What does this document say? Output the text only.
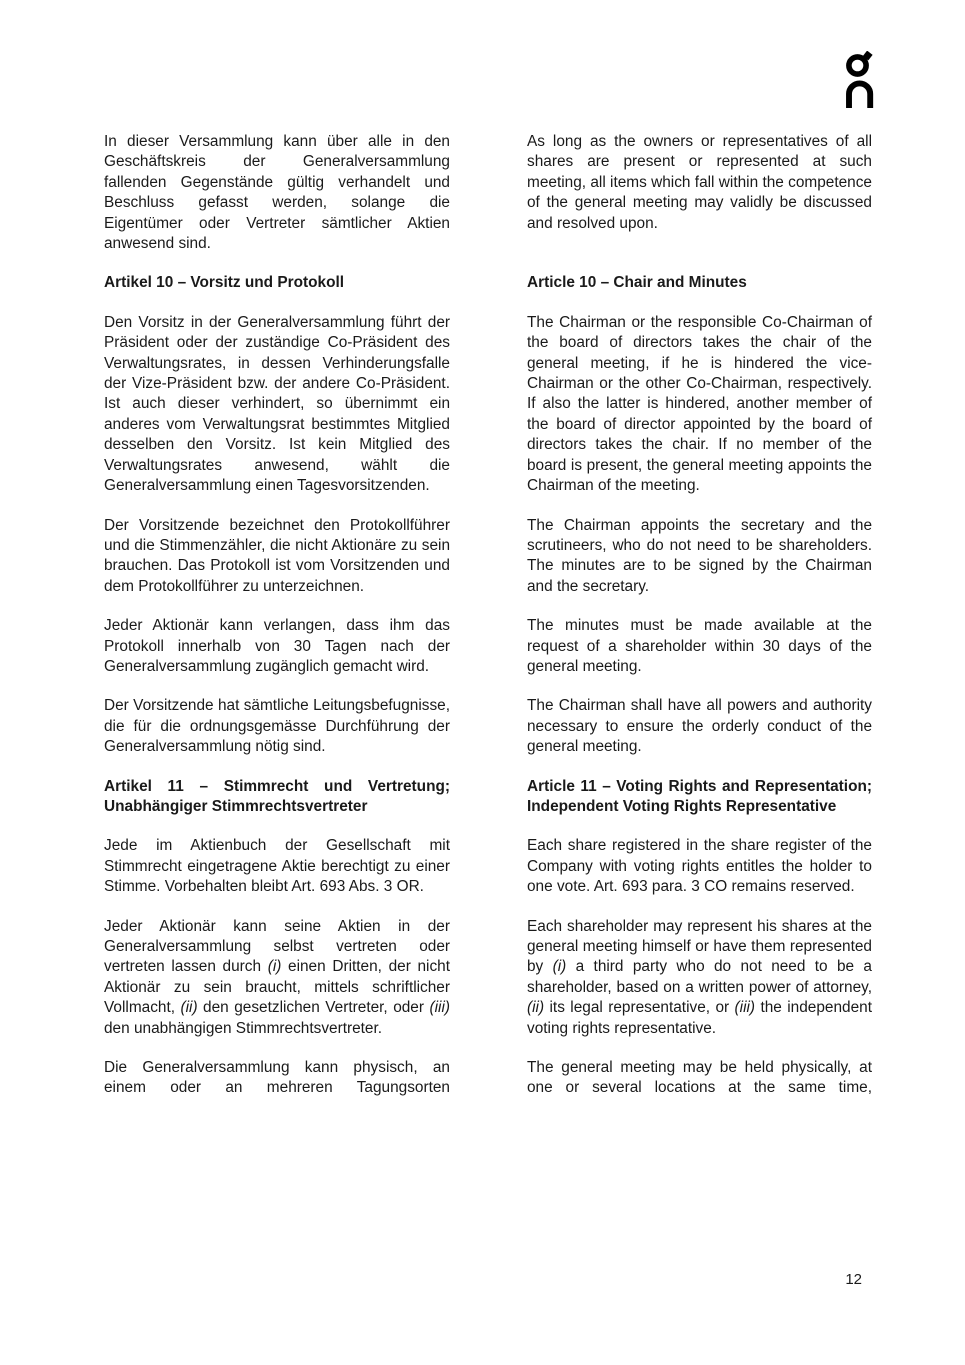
In dieser Versammlung kann über alle in den Geschäftskreis der Generalversammlung fallenden Gegenstände gültig verhandelt und Beschluss gefasst werden, solange die Eigentümer oder Vertreter sämtlicher Aktien anwesend sind.

As long as the owners or representatives of all shares are present or represented at such meeting, all items which fall within the competence of the general meeting may validly be discussed and resolved upon.

Artikel 10 – Vorsitz und Protokoll	Article 10 – Chair and Minutes

Den Vorsitz in der Generalversammlung führt der Präsident oder der zuständige Co-Präsident des Verwaltungsrates, in dessen Verhinderungsfalle der Vize-Präsident bzw. der andere Co-Präsident. Ist auch dieser verhindert, so übernimmt ein anderes vom Verwaltungsrat bestimmtes Mitglied desselben den Vorsitz. Ist kein Mitglied des Verwaltungsrates anwesend, wählt die Generalversammlung einen Tagesvorsitzenden.

The Chairman or the responsible Co-Chairman of the board of directors takes the chair of the general meeting, if he is hindered the vice-Chairman or the other Co-Chairman, respectively. If also the latter is hindered, another member of the board of director appointed by the board of directors takes the chair. If no member of the board is present, the general meeting appoints the Chairman of the meeting.

Der Vorsitzende bezeichnet den Protokollführer und die Stimmenzähler, die nicht Aktionäre zu sein brauchen. Das Protokoll ist vom Vorsitzenden und dem Protokollführer zu unterzeichnen.

The Chairman appoints the secretary and the scrutineers, who do not need to be shareholders. The minutes are to be signed by the Chairman and the secretary.

Jeder Aktionär kann verlangen, dass ihm das Protokoll innerhalb von 30 Tagen nach der Generalversammlung zugänglich gemacht wird.

The minutes must be made available at the request of a shareholder within 30 days of the general meeting.

Der Vorsitzende hat sämtliche Leitungsbefugnisse, die für die ordnungsgemässe Durchführung der Generalversammlung nötig sind.

The Chairman shall have all powers and authority necessary to ensure the orderly conduct of the general meeting.

Artikel 11 – Stimmrecht und Vertretung; Unabhängiger Stimmrechtsvertreter
Article 11 – Voting Rights and Representation; Independent Voting Rights Representative

Jede im Aktienbuch der Gesellschaft mit Stimmrecht eingetragene Aktie berechtigt zu einer Stimme. Vorbehalten bleibt Art. 693 Abs. 3 OR.

Each share registered in the share register of the Company with voting rights entitles the holder to one vote. Art. 693 para. 3 CO remains reserved.

Jeder Aktionär kann seine Aktien in der Generalversammlung selbst vertreten oder vertreten lassen durch (i) einen Dritten, der nicht Aktionär zu sein braucht, mittels schriftlicher Vollmacht, (ii) den gesetzlichen Vertreter, oder (iii) den unabhängigen Stimmrechtsvertreter.

Each shareholder may represent his shares at the general meeting himself or have them represented by (i) a third party who do not need to be a shareholder, based on a written power of attorney, (ii) its legal representative, or (iii) the independent voting rights representative.

Die Generalversammlung kann physisch, an einem oder an mehreren Tagungsorten

The general meeting may be held physically, at one or several locations at the same time,

12
